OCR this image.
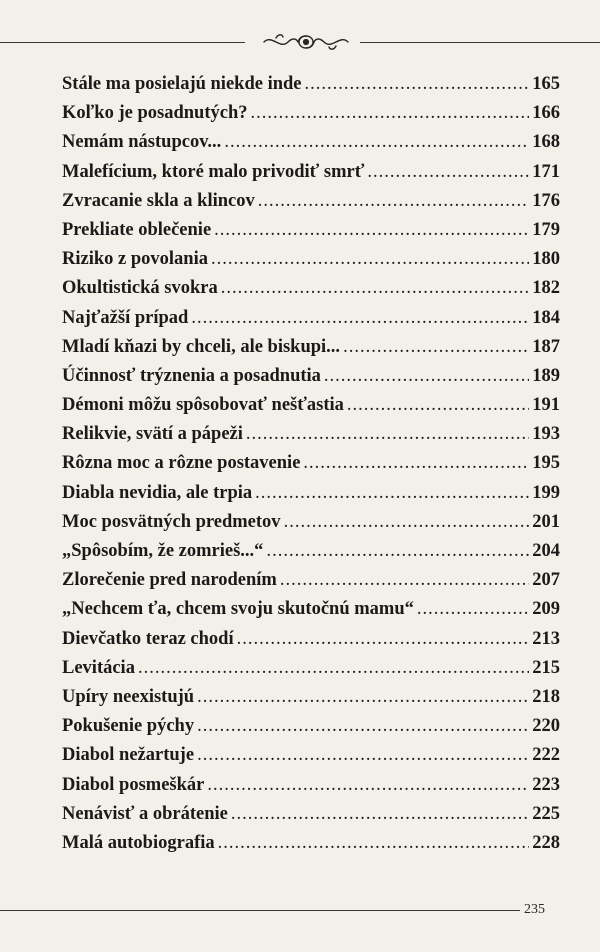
Stále ma posielajú niekde inde .....	165
Koľko je posadnutých? .....	166
Nemám nástupcov... .....	168
Malefícium, ktoré malo privodiť smrť .....	171
Zvracanie skla a klincov .....	176
Prekliate oblečenie .....	179
Riziko z povolania .....	180
Okultistická svokra .....	182
Najťažší prípad .....	184
Mladí kňazi by chceli, ale biskupi... .....	187
Účinnosť trýznenia a posadnutia .....	189
Démoni môžu spôsobovať nešťastia .....	191
Relikvie, svätí a pápeži .....	193
Rôzna moc a rôzne postavenie .....	195
Diabla nevidia, ale trpia .....	199
Moc posvätných predmetov .....	201
„Spôsobím, že zomrieš...“ .....	204
Zlorečenie pred narodením .....	207
„Nechcem ťa, chcem svoju skutočnú mamu“ .....	209
Dievčatko teraz chodí .....	213
Levitácia .....	215
Upíry neexistujú .....	218
Pokušenie pýchy .....	220
Diabol nežartuje .....	222
Diabol posmeškár .....	223
Nenávisť a obrátenie .....	225
Malá autobiografia .....	228
235
